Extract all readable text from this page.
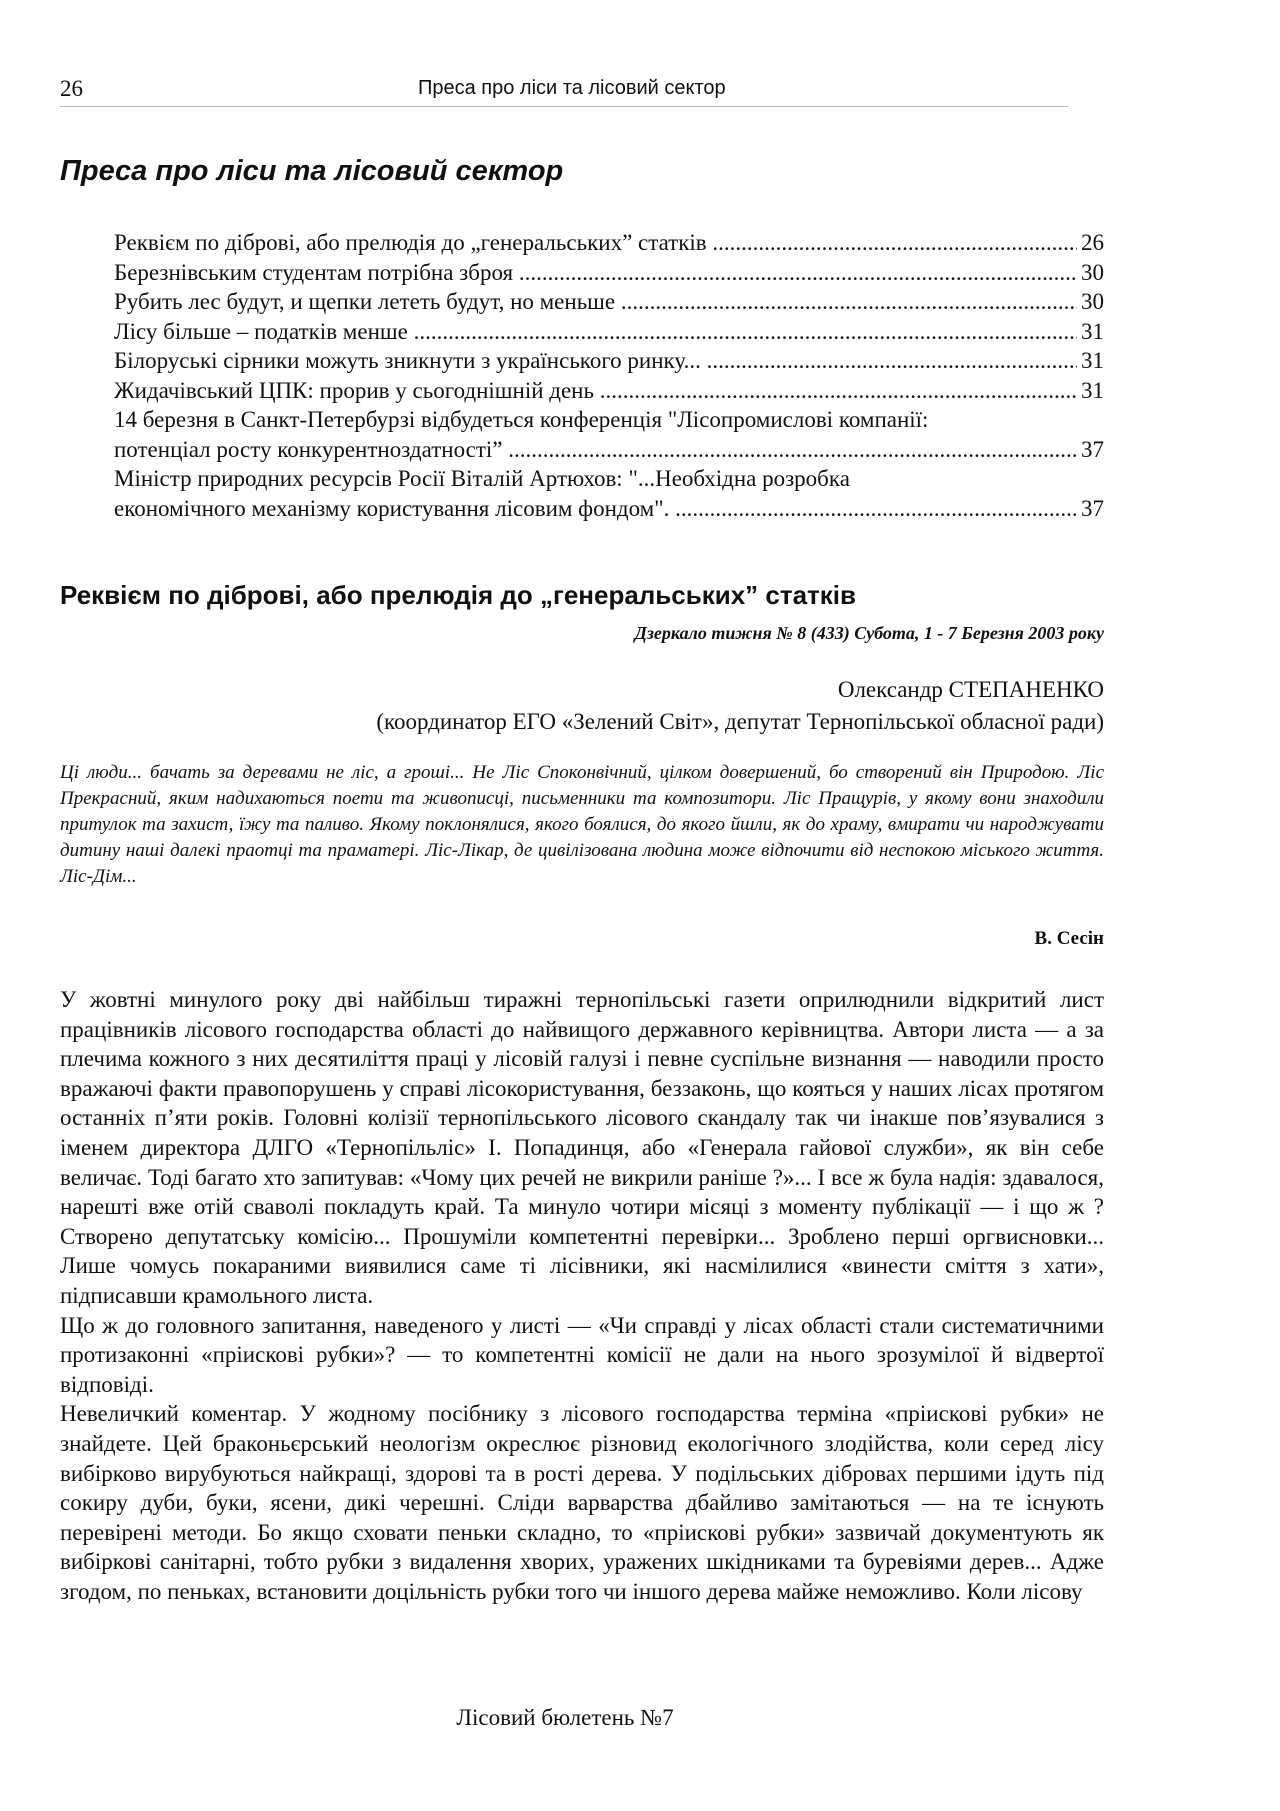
26	Преса про ліси та лісовий сектор
Преса про ліси та лісовий сектор
Реквієм по діброві, або прелюдія до „генеральських” статків .....	26
Березнівським студентам потрібна зброя .....	30
Рубить лес будут, и щепки лететь будут, но меньше .....	30
Лісу більше – податків менше .....	31
Білоруські сірники можуть зникнути з українського ринку... .....	31
Жидачівський ЦПК: прорив у сьогоднішній день .....	31
14 березня в Санкт-Петербурзі відбудеться конференція "Лісопромислові компанії:
потенціал росту конкурентноздатності” .....	37
Міністр природних ресурсів Росії Віталій Артюхов: "...Необхідна розробка
економічного механізму користування лісовим фондом". .....	37
Реквієм по діброві, або прелюдія до „генеральських” статків
Дзеркало тижня № 8 (433) Субота, 1 - 7 Березня 2003 року
Олександр СТЕПАНЕНКО
(координатор ЕГО «Зелений Світ», депутат Тернопільської обласної ради)

Ці люди... бачать за деревами не ліс, а гроші... Не Ліс Споконвічний, цілком довершений, бо створений він Природою. Ліс Прекрасний, яким надихаються поети та живописці, письменники та композитори. Ліс Пращурів, у якому вони знаходили притулок та захист, їжу та паливо. Якому поклонялися, якого боялися, до якого йшли, як до храму, вмирати чи народжувати дитину наші далекі праотці та праматері. Ліс-Лікар, де цивілізована людина може відпочити від неспокою міського життя. Ліс-Дім...

В. Сесін

У жовтні минулого року дві найбільш тиражні тернопільські газети оприлюднили відкритий лист працівників лісового господарства області до найвищого державного керівництва. Автори листа — а за плечима кожного з них десятиліття праці у лісовій галузі і певне суспільне визнання — наводили просто вражаючі факти правопорушень у справі лісокористування, беззаконь, що кояться у наших лісах протягом останніх п’яти років. Головні колізії тернопільського лісового скандалу так чи інакше пов’язувалися з іменем директора ДЛГО «Тернопільліс» І. Попадинця, або «Генерала гайової служби», як він себе величає. Тоді багато хто запитував: «Чому цих речей не викрили раніше ?»... І все ж була надія: здавалося, нарешті вже отій сваволі покладуть край. Та минуло чотири місяці з моменту публікації — і що ж ? Створено депутатську комісію... Прошуміли компетентні перевірки... Зроблено перші оргвисновки... Лише чомусь покараними виявилися саме ті лісівники, які насмілилися «винести сміття з хати», підписавши крамольного листа.

Що ж до головного запитання, наведеного у листі — «Чи справді у лісах області стали систематичними протизаконні «пріискові рубки»? — то компетентні комісії не дали на нього зрозумілої й відвертої відповіді.

Невеличкий коментар. У жодному посібнику з лісового господарства терміна «пріискові рубки» не знайдете. Цей браконьєрський неологізм окреслює різновид екологічного злодійства, коли серед лісу вибірково вирубуються найкращі, здорові та в рості дерева. У подільських дібровах першими ідуть під сокиру дуби, буки, ясени, дикі черешні. Сліди варварства дбайливо замітаються — на те існують перевірені методи. Бо якщо сховати пеньки складно, то «пріискові рубки» зазвичай документують як вибіркові санітарні, тобто рубки з видалення хворих, уражених шкідниками та буревіями дерев... Адже згодом, по пеньках, встановити доцільність рубки того чи іншого дерева майже неможливо. Коли лісову

Лісовий бюлетень №7
